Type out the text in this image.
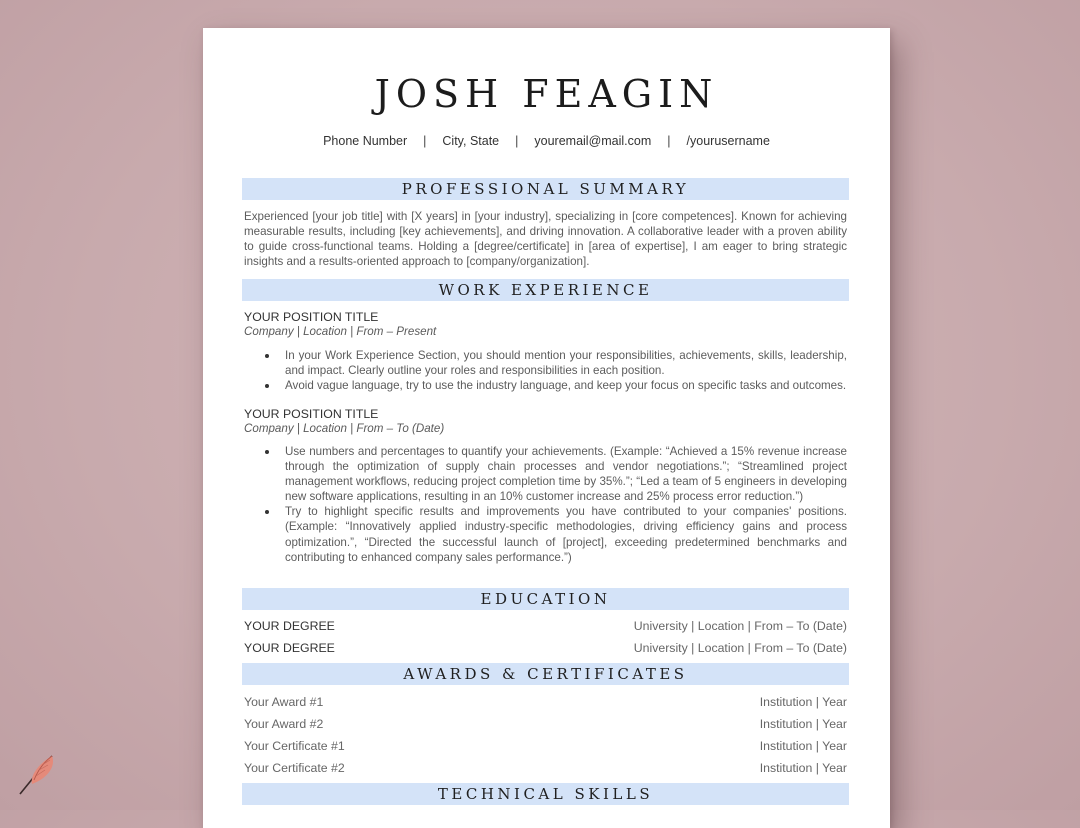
JOSH FEAGIN
Phone Number | City, State | youremail@mail.com | /yourusername
PROFESSIONAL SUMMARY

Experienced [your job title] with [X years] in [your industry], specializing in [core competences]. Known for achieving measurable results, including [key achievements], and driving innovation. A collaborative leader with a proven ability to guide cross-functional teams. Holding a [degree/certificate] in [area of expertise], I am eager to bring strategic insights and a results-oriented approach to [company/organization].

WORK EXPERIENCE

YOUR POSITION TITLE

Company | Location | From – Present

In your Work Experience Section, you should mention your responsibilities, achievements, skills, leadership, and impact. Clearly outline your roles and responsibilities in each position.
Avoid vague language, try to use the industry language, and keep your focus on specific tasks and outcomes.

YOUR POSITION TITLE

Company | Location | From – To (Date)

Use numbers and percentages to quantify your achievements. (Example: “Achieved a 15% revenue increase through the optimization of supply chain processes and vendor negotiations.”; “Streamlined project management workflows, reducing project completion time by 35%.”; “Led a team of 5 engineers in developing new software applications, resulting in an 10% customer increase and 25% process error reduction.”)
Try to highlight specific results and improvements you have contributed to your companies' positions. (Example: “Innovatively applied industry-specific methodologies, driving efficiency gains and process optimization.”, “Directed the successful launch of [project], exceeding predetermined benchmarks and contributing to enhanced company sales performance.”)
EDUCATION
YOUR DEGREE	University | Location | From – To (Date)
YOUR DEGREE	University | Location | From – To (Date)
AWARDS & CERTIFICATES
Your Award #1	Institution | Year
Your Award #2	Institution | Year
Your Certificate #1	Institution | Year
Your Certificate #2	Institution | Year
TECHNICAL SKILLS
